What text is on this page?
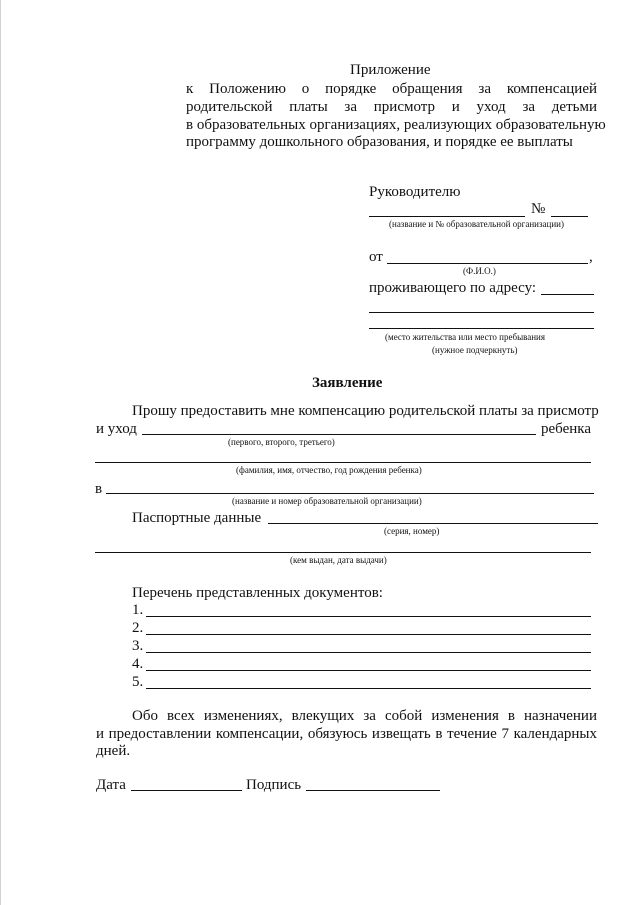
Приложение
к Положению о порядке обращения за компенсацией
родительской платы за присмотр и уход за детьми
в образовательных организациях, реализующих образовательную
программу дошкольного образования, и порядке ее выплаты
Руководителю
№
(название и № образовательной организации)
от	,
(Ф.И.О.)
проживающего по адресу:
(место жительства или место пребывания
(нужное подчеркнуть)
Заявление
Прошу предоставить мне компенсацию родительской платы за присмотр
и уход	ребенка
(первого, второго, третьего)
(фамилия, имя, отчество, год рождения ребенка)
в
(название и номер образовательной организации)
Паспортные данные
(серия, номер)
(кем выдан, дата выдачи)
Перечень представленных документов:
1.
2.
3.
4.
5.
Обо всех изменениях, влекущих за собой изменения в назначении
и предоставлении компенсации, обязуюсь извещать в течение 7 календарных
дней.
Дата	Подпись
